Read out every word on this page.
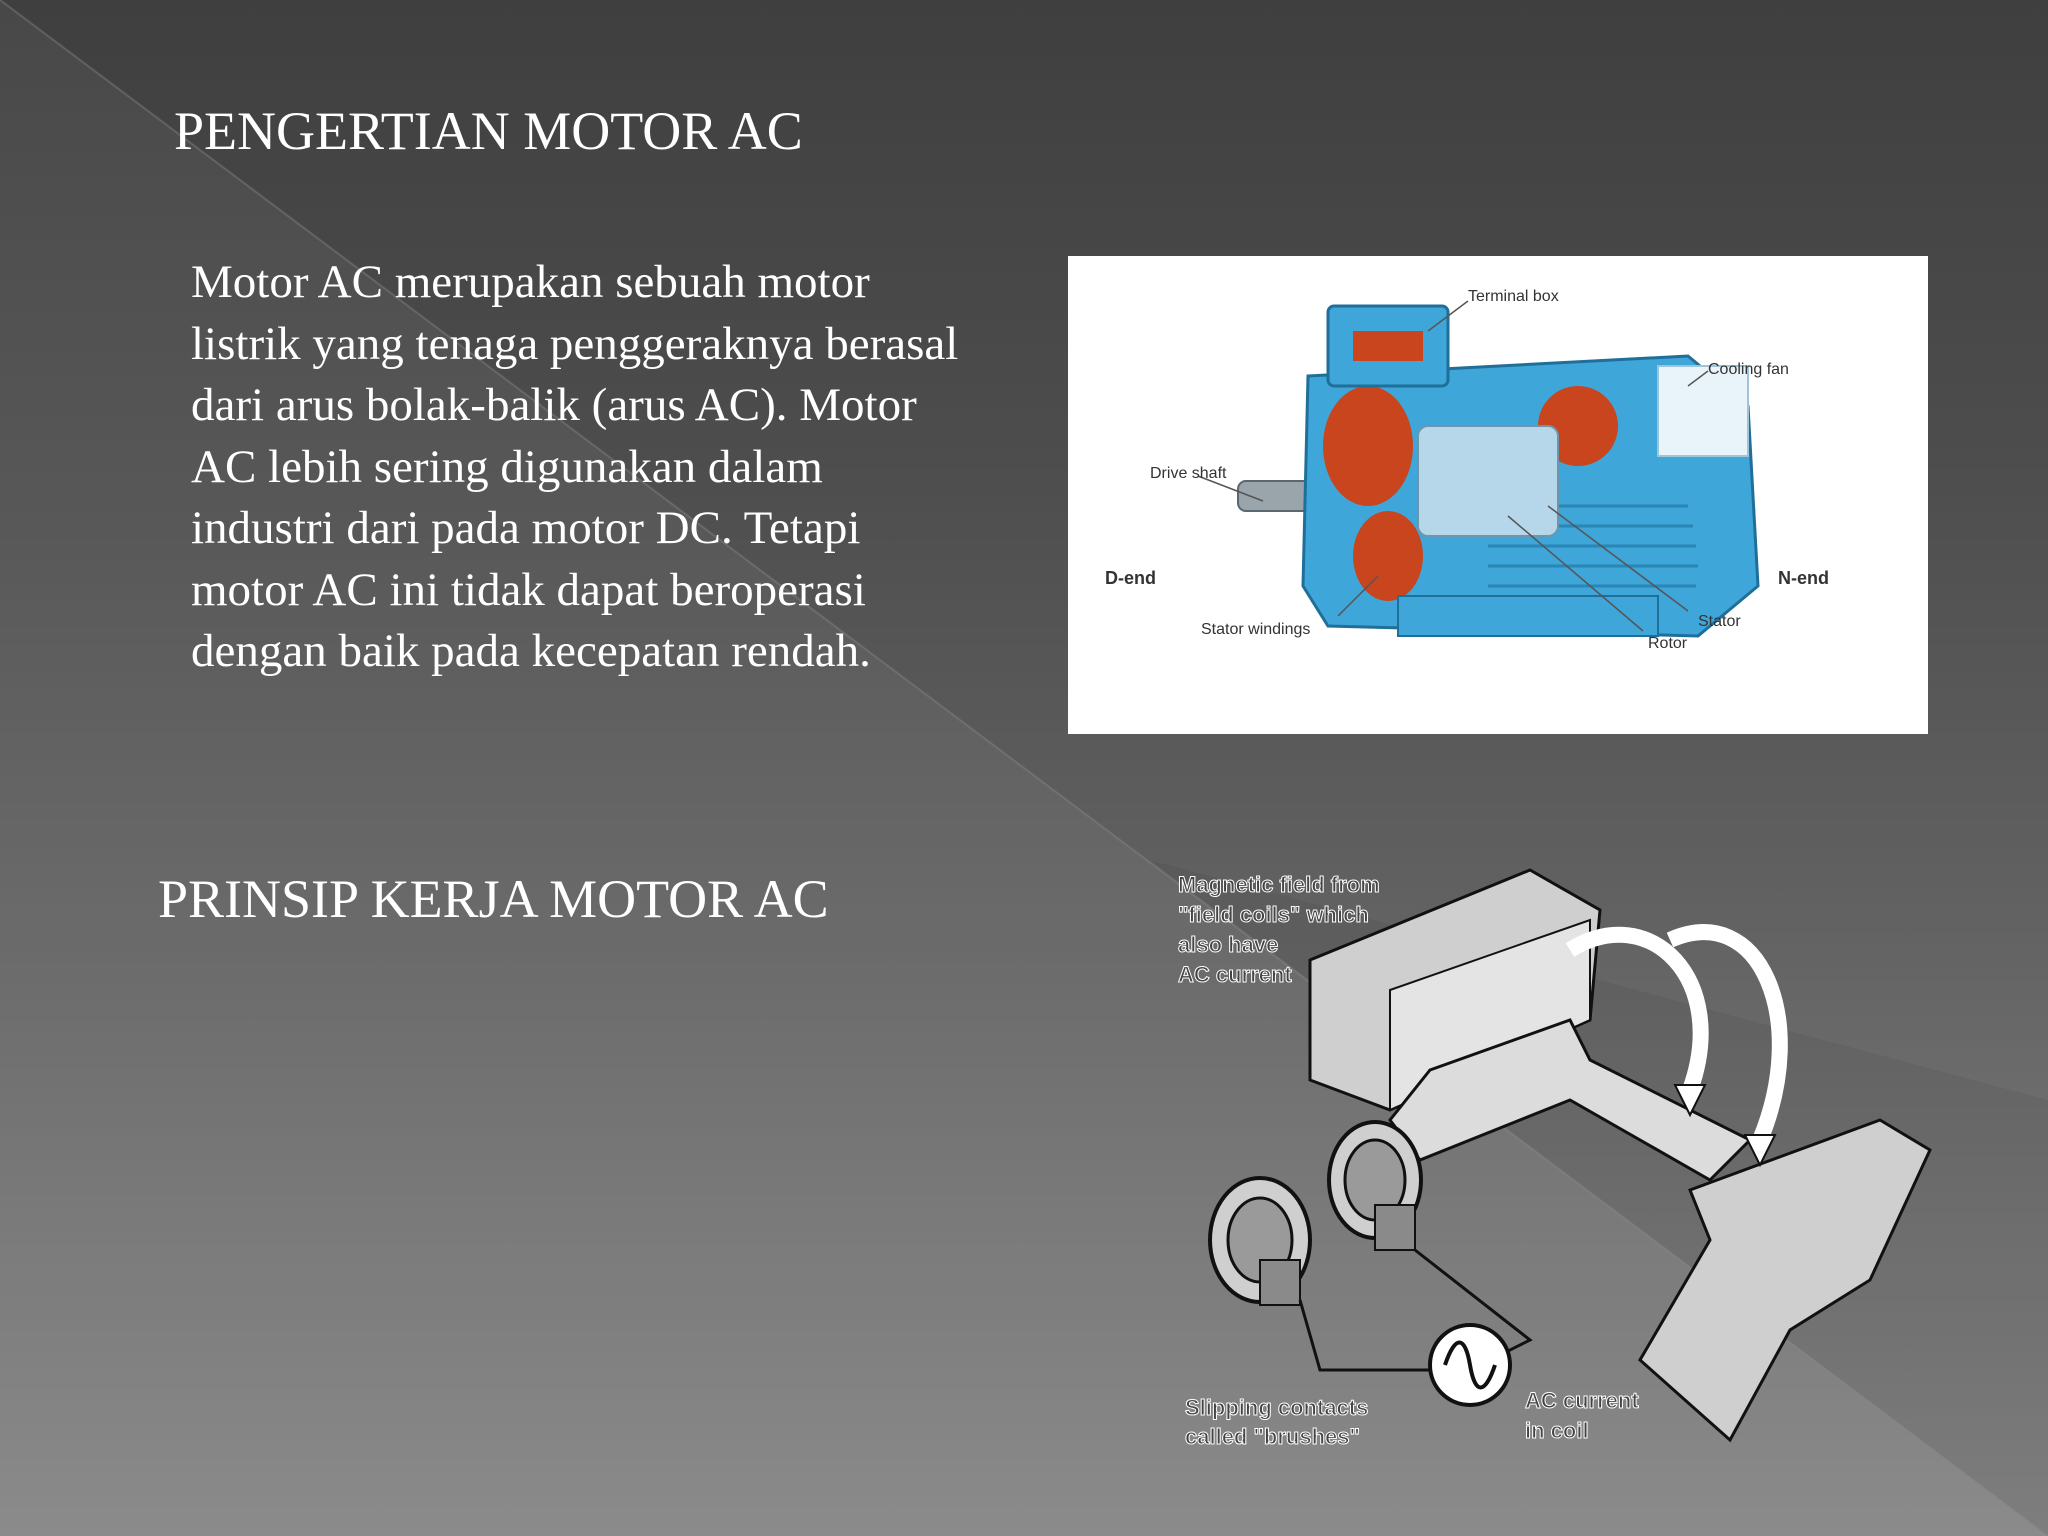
PENGERTIAN MOTOR AC

Motor AC merupakan sebuah motor listrik yang tenaga penggeraknya berasal dari arus bolak-balik (arus AC). Motor AC lebih sering digunakan dalam industri dari pada motor DC. Tetapi motor AC ini tidak dapat beroperasi dengan baik pada kecepatan rendah.

PRINSIP KERJA MOTOR AC
Terminal box
Cooling fan
Drive shaft
D-end	N-end
Stator
Stator windings
Rotor
Magnetic field from
"field coils" which
also have
AC current
Slipping contacts
called "brushes"
AC current
in coil
